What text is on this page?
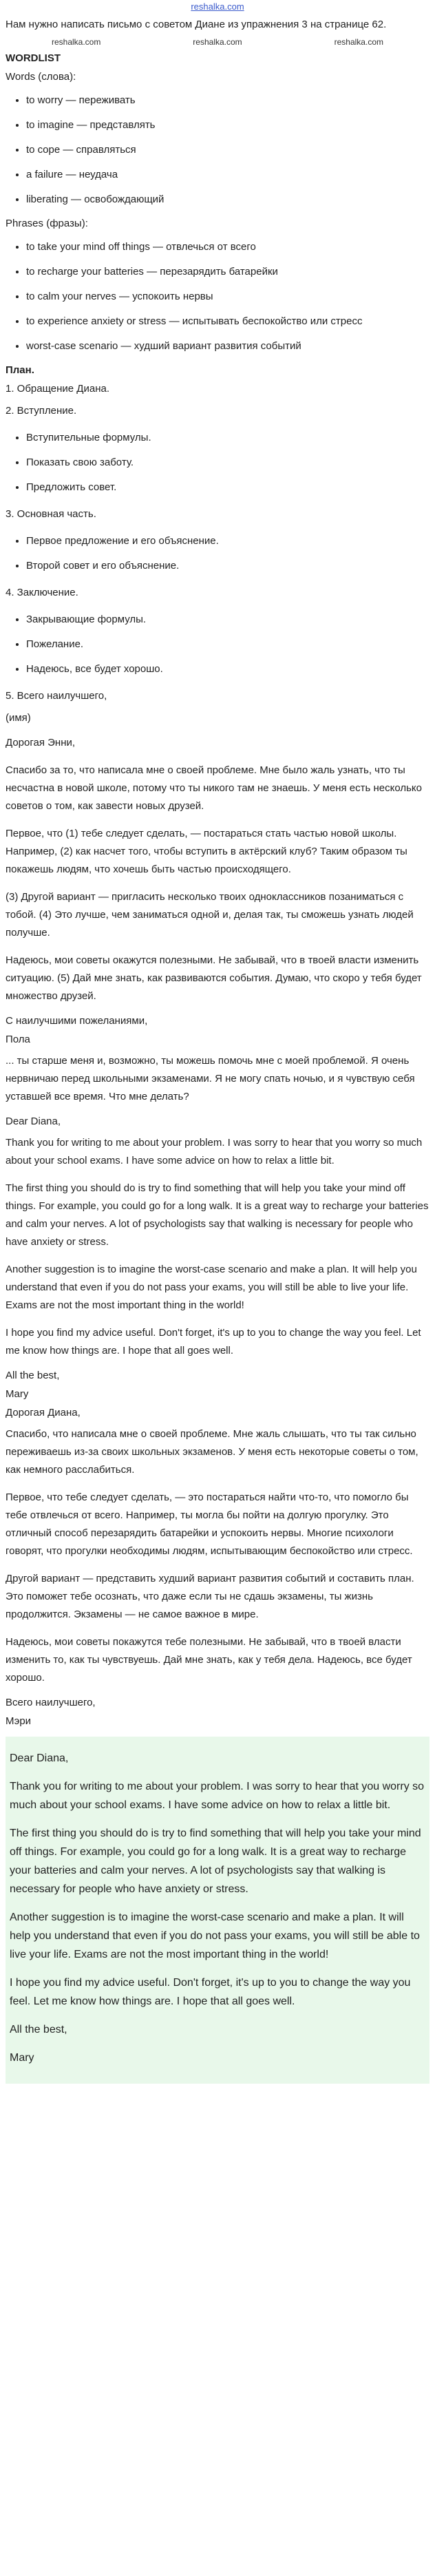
reshalka.com
Нам нужно написать письмо с советом Диане из упражнения 3 на странице 62.
reshalka.com	reshalka.com	reshalka.com
WORDLIST
Words (слова):
• to worry — переживать
• to imagine — представлять
• to cope — справляться
• a failure — неудача
• liberating — освобождающий
Phrases (фразы):
• to take your mind off things — отвлечься от всего
• to recharge your batteries — перезарядить батарейки
• to calm your nerves — успокоить нервы
• to experience anxiety or stress — испытывать беспокойство или стресс
• worst-case scenario — худший вариант развития событий
План.
1. Обращение Диана.
2. Вступление.
• Вступительные формулы.
• Показать свою заботу.
• Предложить совет.
3. Основная часть.
• Первое предложение и его объяснение.
• Второй совет и его объяснение.
4. Заключение.
• Закрывающие формулы.
• Пожелание.
• Надеюсь, все будет хорошо.
5. Всего наилучшего,
(имя)
Дорогая Энни,
Спасибо за то, что написала мне о своей проблеме. Мне было жаль узнать, что ты несчастна в новой школе, потому что ты никого там не знаешь. У меня есть несколько советов о том, как завести новых друзей.
Первое, что (1) тебе следует сделать, — постараться стать частью новой школы. Например, (2) как насчет того, чтобы вступить в актёрский клуб? Таким образом ты покажешь людям, что хочешь быть частью происходящего.
(3) Другой вариант — пригласить несколько твоих одноклассников позаниматься с тобой. (4) Это лучше, чем заниматься одной и, делая так, ты сможешь узнать людей получше.
Надеюсь, мои советы окажутся полезными. Не забывай, что в твоей власти изменить ситуацию. (5) Дай мне знать, как развиваются события. Думаю, что скоро у тебя будет множество друзей.
С наилучшими пожеланиями,
Пола
... ты старше меня и, возможно, ты можешь помочь мне с моей проблемой. Я очень нервничаю перед школьными экзаменами. Я не могу спать ночью, и я чувствую себя уставшей все время. Что мне делать?
Dear Diana,
Thank you for writing to me about your problem. I was sorry to hear that you worry so much about your school exams. I have some advice on how to relax a little bit.
The first thing you should do is try to find something that will help you take your mind off things. For example, you could go for a long walk. It is a great way to recharge your batteries and calm your nerves. A lot of psychologists say that walking is necessary for people who have anxiety or stress.
Another suggestion is to imagine the worst-case scenario and make a plan. It will help you understand that even if you do not pass your exams, you will still be able to live your life. Exams are not the most important thing in the world!
I hope you find my advice useful. Don't forget, it's up to you to change the way you feel. Let me know how things are. I hope that all goes well.
All the best,
Mary
Дорогая Диана,
Спасибо, что написала мне о своей проблеме. Мне жаль слышать, что ты так сильно переживаешь из-за своих школьных экзаменов. У меня есть некоторые советы о том, как немного расслабиться.
Первое, что тебе следует сделать, — это постараться найти что-то, что помогло бы тебе отвлечься от всего. Например, ты могла бы пойти на долгую прогулку. Это отличный способ перезарядить батарейки и успокоить нервы. Многие психологи говорят, что прогулки необходимы людям, испытывающим беспокойство или стресс.
Другой вариант — представить худший вариант развития событий и составить план. Это поможет тебе осознать, что даже если ты не сдашь экзамены, ты жизнь продолжится. Экзамены — не самое важное в мире.
Надеюсь, мои советы покажутся тебе полезными. Не забывай, что в твоей власти изменить то, как ты чувствуешь. Дай мне знать, как у тебя дела. Надеюсь, все будет хорошо.
Всего наилучшего,
Мэри
Dear Diana,
Thank you for writing to me about your problem. I was sorry to hear that you worry so much about your school exams. I have some advice on how to relax a little bit.
The first thing you should do is try to find something that will help you take your mind off things. For example, you could go for a long walk. It is a great way to recharge your batteries and calm your nerves. A lot of psychologists say that walking is necessary for people who have anxiety or stress.
Another suggestion is to imagine the worst-case scenario and make a plan. It will help you understand that even if you do not pass your exams, you will still be able to live your life. Exams are not the most important thing in the world!
I hope you find my advice useful. Don't forget, it's up to you to change the way you feel. Let me know how things are. I hope that all goes well.
All the best,
Mary
